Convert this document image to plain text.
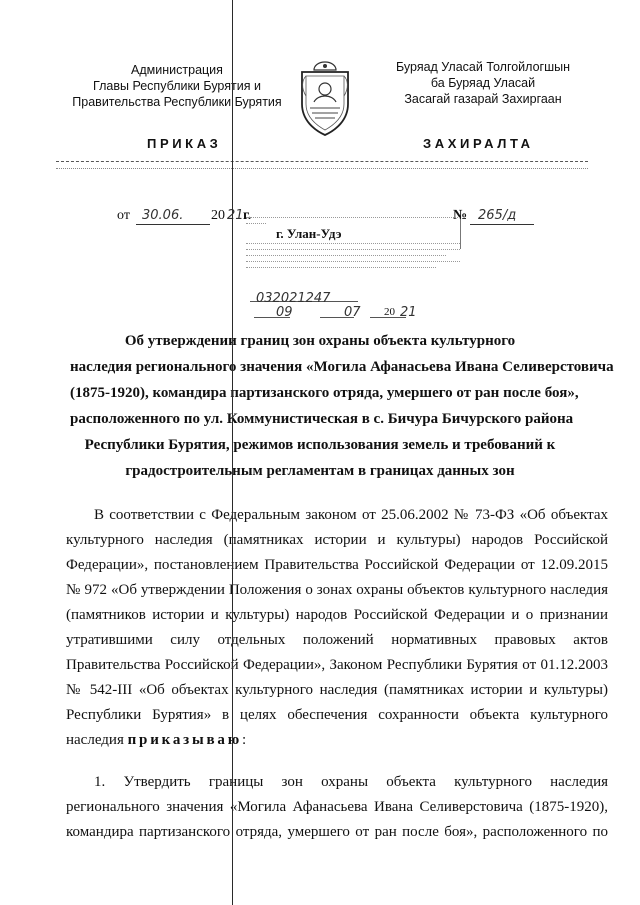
Администрация
Главы Республики Бурятия и
Правительства Республики Бурятия
Буряад Уласай Толгойлогшын
ба Буряад Уласай
Засагай газарай Захиргаан
ПРИКАЗ	ЗАХИРАЛТА
от 30.06. 20 21 г.	№ 265/д
г. Улан-Удэ
032021247
09	07 20 21
Об утверждении границ зон охраны объекта культурного
наследия регионального значения «Могила Афанасьева Ивана Селиверстовича
(1875-1920), командира партизанского отряда, умершего от ран после боя»,
расположенного по ул. Коммунистическая в с. Бичура Бичурского района
Республики Бурятия, режимов использования земель и требований к
градостроительным регламентам в границах данных зон
В соответствии с Федеральным законом от 25.06.2002 № 73-ФЗ «Об объектах
культурного наследия (памятниках истории и культуры) народов Российской
Федерации», постановлением Правительства Российской Федерации от 12.09.2015
№ 972 «Об утверждении Положения о зонах охраны объектов культурного наследия
(памятников истории и культуры) народов Российской Федерации и о признании
утратившими силу отдельных положений нормативных правовых актов
Правительства Российской Федерации», Законом Республики Бурятия от 01.12.2003
№ 542-III «Об объектах культурного наследия (памятниках истории и культуры)
Республики Бурятия» в целях обеспечения сохранности объекта культурного
наследия приказываю:
1. Утвердить границы зон охраны объекта культурного наследия
регионального значения «Могила Афанасьева Ивана Селиверстовича (1875-1920),
командира партизанского отряда, умершего от ран после боя», расположенного по
